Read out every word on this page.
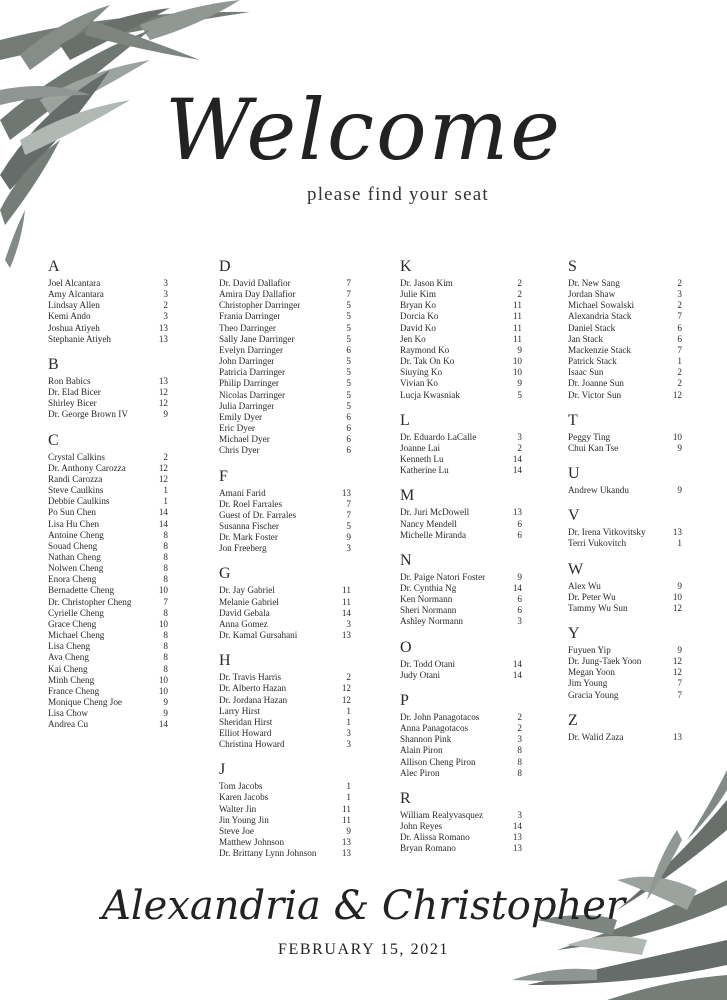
Welcome
please find your seat
A
Joel Alcantara	3
Amy Alcantara	3
Lindsay Allen	2
Kemi Ando	3
Joshua Atiyeh	13
Stephanie Atiyeh	13
B
Ron Babics	13
Dr. Elad Bicer	12
Shirley Bicer	12
Dr. George Brown IV	9
C
Crystal Calkins	2
Dr. Anthony Carozza	12
Randi Carozza	12
Steve Caulkins	1
Debbie Caulkins	1
Po Sun Chen	14
Lisa Hu Chen	14
Antoine Cheng	8
Souad Cheng	8
Nathan Cheng	8
Nolwen Cheng	8
Enora Cheng	8
Bernadette Cheng	10
Dr. Christopher Cheng	7
Cyrielle Cheng	8
Grace Cheng	10
Michael Cheng	8
Lisa Cheng	8
Ava Cheng	8
Kai Cheng	8
Minh Cheng	10
France Cheng	10
Monique Cheng Joe	9
Lisa Chow	9
Andrea Cu	14
D
Dr. David Dallafior	7
Amira Day Dallafior	7
Christopher Darringer	5
Frania Darringer	5
Theo Darringer	5
Sally Jane Darringer	5
Evelyn Darringer	6
John Darringer	5
Patricia Darringer	5
Philip Darringer	5
Nicolas Darringer	5
Julia Darringer	5
Emily Dyer	6
Eric Dyer	6
Michael Dyer	6
Chris Dyer	6
F
Amani Farid	13
Dr. Roel Farrales	7
Guest of Dr. Farrales	7
Susanna Fischer	5
Dr. Mark Foster	9
Jon Freeberg	3
G
Dr. Jay Gabriel	11
Melanie Gabriel	11
David Gebala	14
Anna Gomez	3
Dr. Kamal Gursahani	13
H
Dr. Travis Harris	2
Dr. Alberto Hazan	12
Dr. Jordana Hazan	12
Larry Hirst	1
Sheridan Hirst	1
Elliot Howard	3
Christina Howard	3
J
Tom Jacobs	1
Karen Jacobs	1
Walter Jin	11
Jin Young Jin	11
Steve Joe	9
Matthew Johnson	13
Dr. Brittany Lynn Johnson	13
K
Dr. Jason Kim	2
Julie Kim	2
Bryan Ko	11
Dorcia Ko	11
David Ko	11
Jen Ko	11
Raymond Ko	9
Dr. Tak On Ko	10
Siuying Ko	10
Vivian Ko	9
Lucja Kwasniak	5
L
Dr. Eduardo LaCalle	3
Joanne Lai	2
Kenneth Lu	14
Katherine Lu	14
M
Dr. Juri McDowell	13
Nancy Mendell	6
Michelle Miranda	6
N
Dr. Paige Natori Foster	9
Dr. Cynthia Ng	14
Ken Normann	6
Sheri Normann	6
Ashley Normann	3
O
Dr. Todd Otani	14
Judy Otani	14
P
Dr. John Panagotacos	2
Anna Panagotacos	2
Shannon Pink	3
Alain Piron	8
Allison Cheng Piron	8
Alec Piron	8
R
William Realyvasquez	3
John Reyes	14
Dr. Alissa Romano	13
Bryan Romano	13
S
Dr. New Sang	2
Jordan Shaw	3
Michael Sowalski	2
Alexandria Stack	7
Daniel Stack	6
Jan Stack	6
Mackenzie Stack	7
Patrick Stack	1
Isaac Sun	2
Dr. Joanne Sun	2
Dr. Victor Sun	12
T
Peggy Ting	10
Chui Kan Tse	9
U
Andrew Ukandu	9
V
Dr. Irena Vitkovitsky	13
Terri Vukovitch	1
W
Alex Wu	9
Dr. Peter Wu	10
Tammy Wu Sun	12
Y
Fuyuen Yip	9
Dr. Jung-Taek Yoon	12
Megan Yoon	12
Jim Young	7
Gracia Young	7
Z
Dr. Walid Zaza	13
Alexandria & Christopher
FEBRUARY 15, 2021
